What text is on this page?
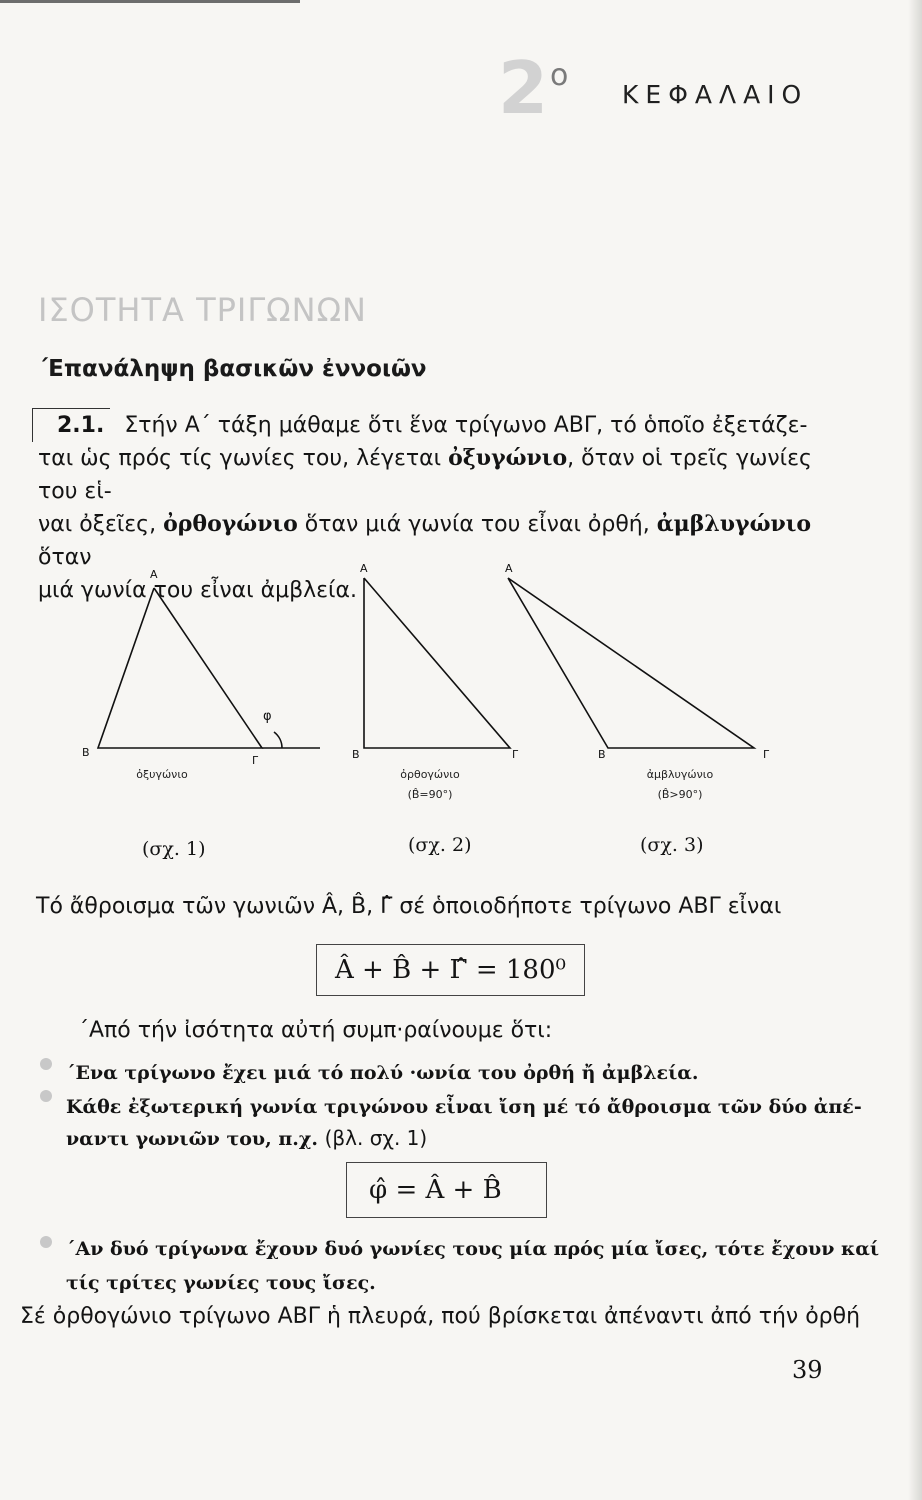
2 ο
ΚΕΦΑΛΑΙΟ
ΙΣΟΤΗΤΑ ΤΡΙΓΩΝΩΝ
΄Επανάληψη βασικῶν ἐννοιῶν
2.1. Στήν Α΄ τάξη μάθαμε ὅτι ἕνα τρίγωνο ΑΒΓ, τό ὁποῖο ἐξετάζε-
ται ὡς πρός τίς γωνίες του, λέγεται ὀξυγώνιο, ὅταν οἱ τρεῖς γωνίες του εἱ-
ναι ὀξεῖες, ὀρθογώνιο ὅταν μιά γωνία του εἶναι ὀρθή, ἀμβλυγώνιο ὅταν
μιά γωνία του εἶναι ἀμβλεία.
Α
Β
Γ
φ
Α
Β	Γ
Α
Β	Γ
ὀξυγώνιο	ὀρθογώνιο
(B̂=90°)
ἀμβλυγώνιο
(B̂>90°)
(σχ. 1)	(σχ. 2)	(σχ. 3)
Τό ἄθροισμα τῶν γωνιῶν Â, B̂, Γ̂ σέ ὁποιοδήποτε τρίγωνο ΑΒΓ εἶναι
Â + B̂ + Γ̂ = 180⁰
΄Από τήν ἰσότητα αὐτή συμπ·ραίνουμε ὅτι:
΄Ενα τρίγωνο ἔχει μιά τό πολύ ·ωνία του ὀρθή ἤ ἀμβλεία.
Κάθε ἐξωτερική γωνία τριγώνου εἶναι ἴση μέ τό ἄθροισμα τῶν δύο ἀπέ-
ναντι γωνιῶν του, π.χ. (βλ. σχ. 1)
φ̂ = Â + B̂
΄Αν δυό τρίγωνα ἔχουν δυό γωνίες τους μία πρός μία ἴσες, τότε ἔχουν καί
τίς τρίτες γωνίες τους ἴσες.
Σέ ὀρθογώνιο τρίγωνο ΑΒΓ ἡ πλευρά, πού βρίσκεται ἀπέναντι ἀπό τήν ὀρθή
39
